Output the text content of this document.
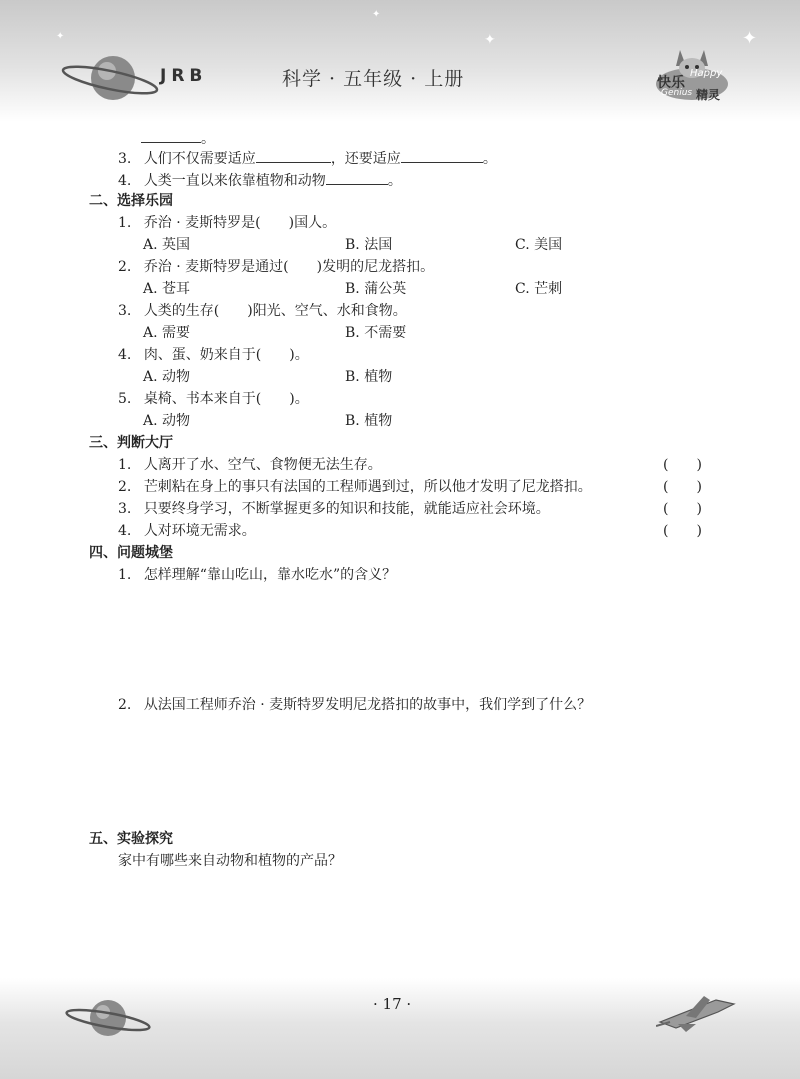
✦	✦
✦
✦
JRB	科学 · 五年级 · 上册	快乐
Happy
Genius 精灵
。
3. 人们不仅需要适应	，还要适应	。
4. 人类一直以来依靠植物和动物	。
二、选择乐园
1. 乔治 · 麦斯特罗是(　　)国人。
A. 英国	B. 法国	C. 美国
2. 乔治 · 麦斯特罗是通过(　　)发明的尼龙搭扣。
A. 苍耳	B. 蒲公英	C. 芒刺
3. 人类的生存(　　)阳光、空气、水和食物。
A. 需要	B. 不需要
4. 肉、蛋、奶来自于(　　)。
A. 动物	B. 植物
5. 桌椅、书本来自于(　　)。
A. 动物	B. 植物
三、判断大厅
1. 人离开了水、空气、食物便无法生存。	(　　)
2. 芒刺粘在身上的事只有法国的工程师遇到过，所以他才发明了尼龙搭扣。	(　　)
3. 只要终身学习，不断掌握更多的知识和技能，就能适应社会环境。	(　　)
4. 人对环境无需求。	(　　)
四、问题城堡
1. 怎样理解“靠山吃山，靠水吃水”的含义？
2. 从法国工程师乔治 · 麦斯特罗发明尼龙搭扣的故事中，我们学到了什么？
五、实验探究
家中有哪些来自动物和植物的产品？
· 17 ·
